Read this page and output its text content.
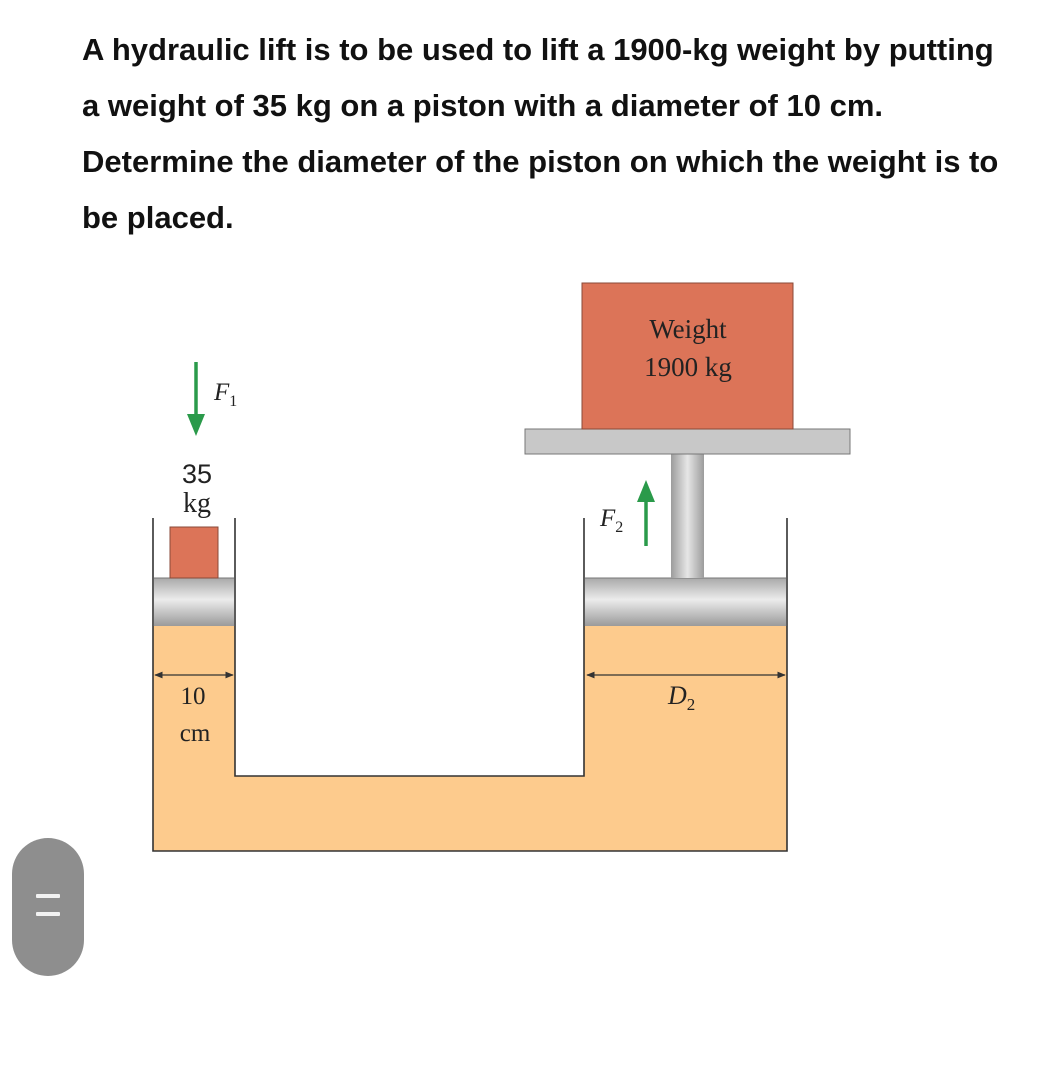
A hydraulic lift is to be used to lift a 1900-kg weight by putting a weight of 35 kg on a piston with a diameter of 10 cm. Determine the diameter of the piston on which the weight is to be placed.

Weight
1900 kg
$F_1$
35
kg	$F_2$
10
cm
$D_2$
